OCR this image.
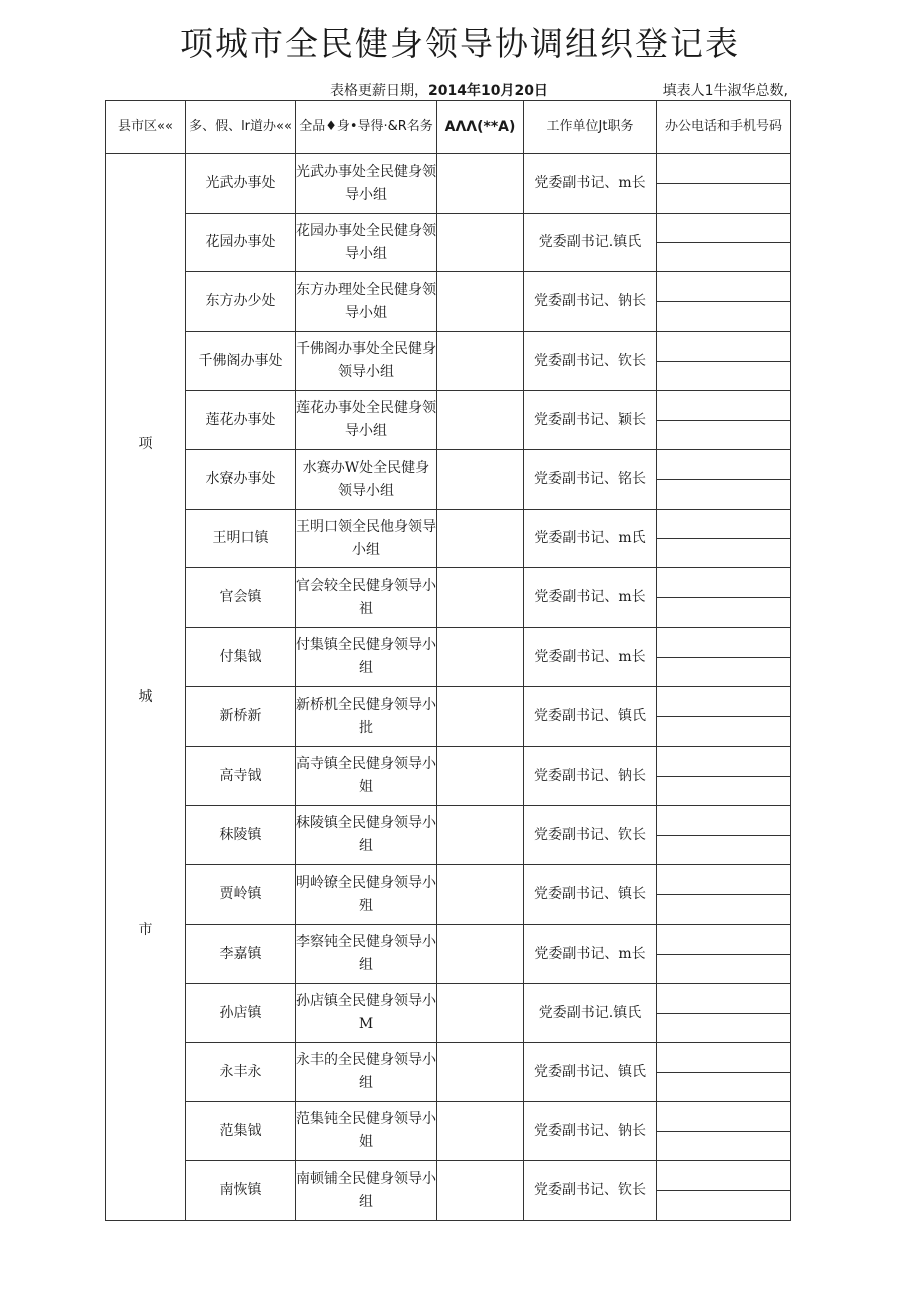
项城市全民健身领导协调组织登记表
表格更薪日期，2014年10月20日	填表人1牛淑华总数,
县市区««	多、假、lr道办««	全品♦身•导得·&R名务	AΛΛ(**A)	工作单位Jt职务	办公电话和手机号码

项
城
市	光武办事处	光武办事处全民健身领导小组		党委副书记、m长	

	花园办事处	花园办事处全民健身领导小组		党委副书记.镇氏	

	东方办少处	东方办理处全民健身领导小姐		党委副书记、钠长	

	千佛阁办事处	千佛阁办事处全民健身领导小组		党委副书记、钦长	

	莲花办事处	莲花办事处全民健身领导小组		党委副书记、颖长	

	水寮办事处	水赛办W处全民健身领导小组		党委副书记、铭长	

	王明口镇	王明口领全民他身领导小组		党委副书记、m氏	

	官会镇	官会较全民健身领导小祖		党委副书记、m长	

	付集钺	付集镇全民健身领导小组		党委副书记、m长	

	新桥新	新桥机全民健身领导小批		党委副书记、镇氏	

	高寺钺	高寺镇全民健身领导小姐		党委副书记、钠长	

	秣陵镇	秣陵镇全民健身领导小组		党委副书记、钦长	

	贾岭镇	明岭镣全民健身领导小殂		党委副书记、镇长	

	李嘉镇	李察钝全民健身领导小组		党委副书记、m长	

	孙店镇	孙店镇全民健身领导小M		党委副书记.镇氏	

	永丰永	永丰的全民健身领导小组		党委副书记、镇氏	

	范集钺	范集钝全民健身领导小姐		党委副书记、钠长	

	南恢镇	南顿铺全民健身领导小组		党委副书记、钦长	
